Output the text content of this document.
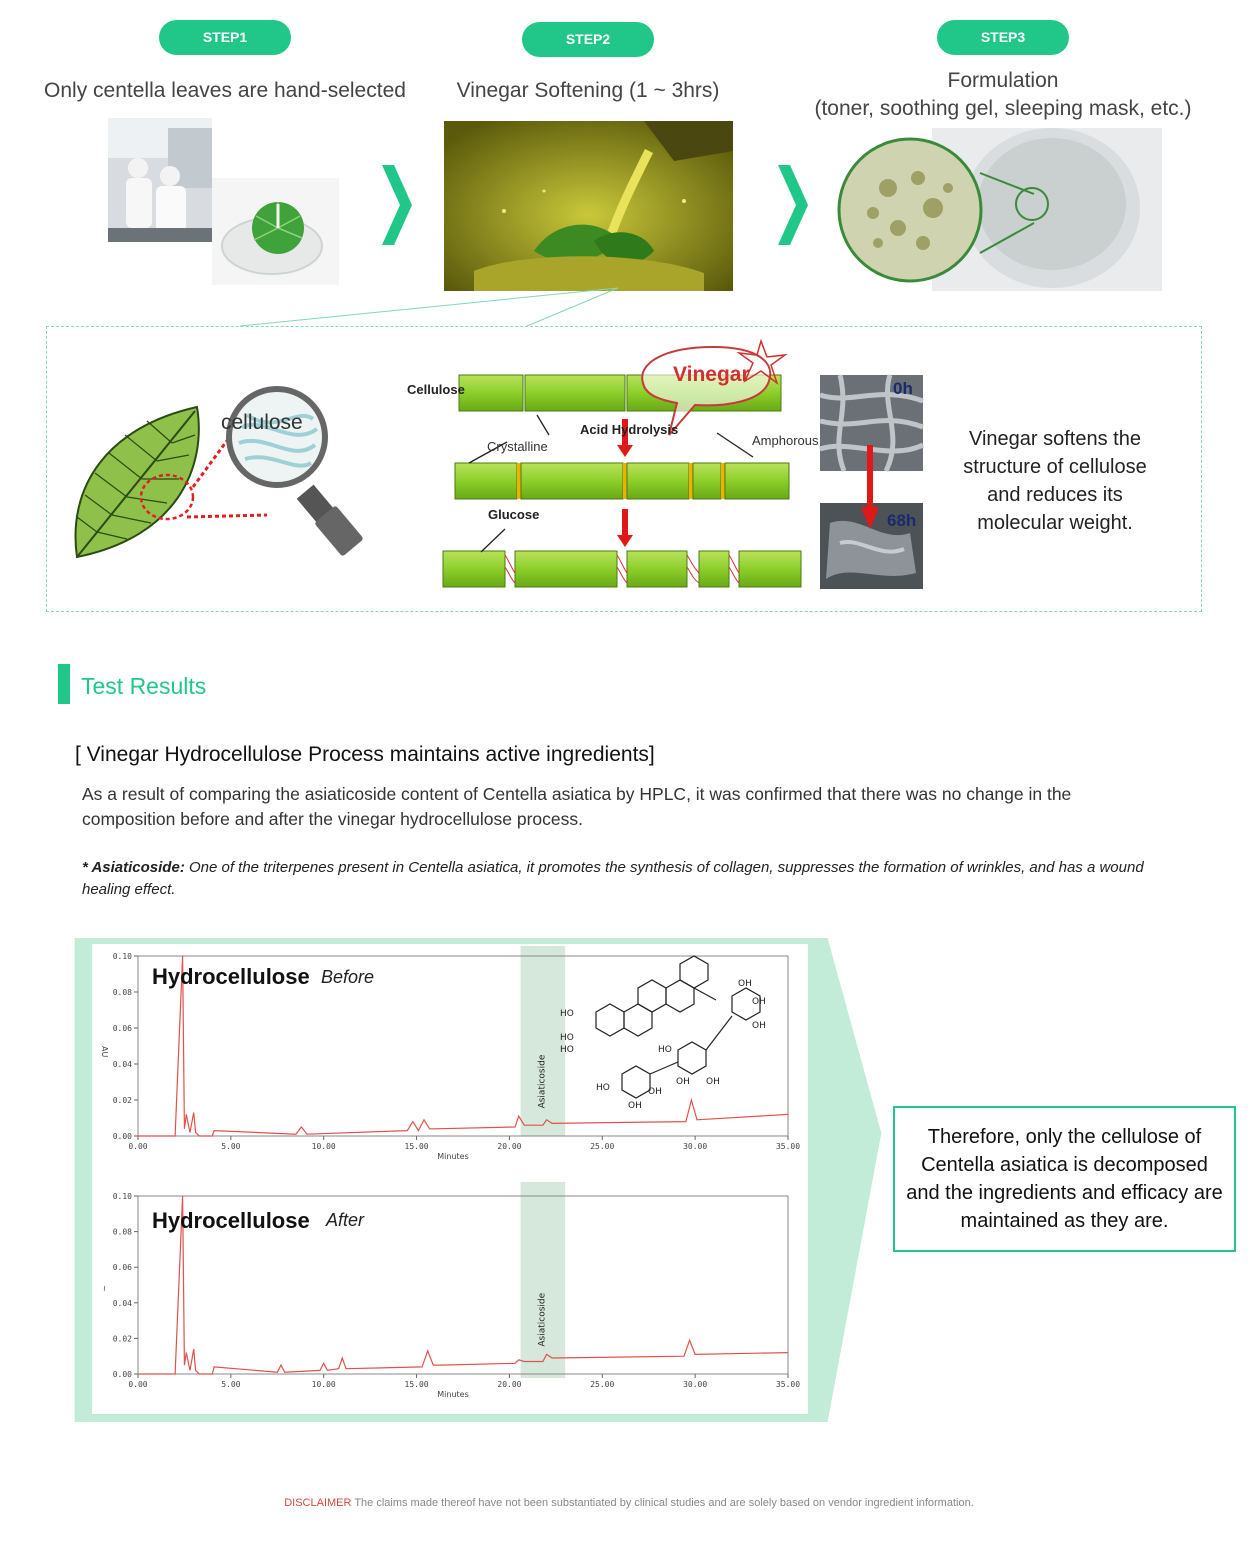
STEP1
Only centella leaves are hand-selected
STEP2
Vinegar Softening (1 ~ 3hrs)
STEP3
Formulation
(toner, soothing gel, sleeping mask, etc.)
cellulose
Cellulose
Vinegar
Acid Hydrolysis
Crystalline	Amphorous
Glucose
0h
68h
Vinegar softens the structure of cellulose and reduces its molecular weight.
Test Results
[ Vinegar Hydrocellulose Process maintains active ingredients]
As a result of comparing the asiaticoside content of Centella asiatica by HPLC, it was confirmed that there was no change in the composition before and after the vinegar hydrocellulose process.
* Asiaticoside: One of the triterpenes present in Centella asiatica, it promotes the synthesis of collagen, suppresses the formation of wrinkles, and has a wound healing effect.
0.00
0.02
0.04
0.06
0.08
0.10
0.00	5.00	10.00	15.00	20.00	25.00	30.00	35.00
Minutes
AU
Asiaticoside
0.00
0.02
0.04
0.06
0.08
0.10
0.00	5.00	10.00	15.00	20.00	25.00	30.00	35.00
Minutes
~
Asiaticoside
Hydrocellulose Before
Hydrocellulose After
HO
HO
HO
OH
OH
OH
HO
OH
OH
HO
OH
OH
Therefore, only the cellulose of Centella asiatica is decomposed and the ingredients and efficacy are maintained as they are.
DISCLAIMER The claims made thereof have not been substantiated by clinical studies and are solely based on vendor ingredient information.
